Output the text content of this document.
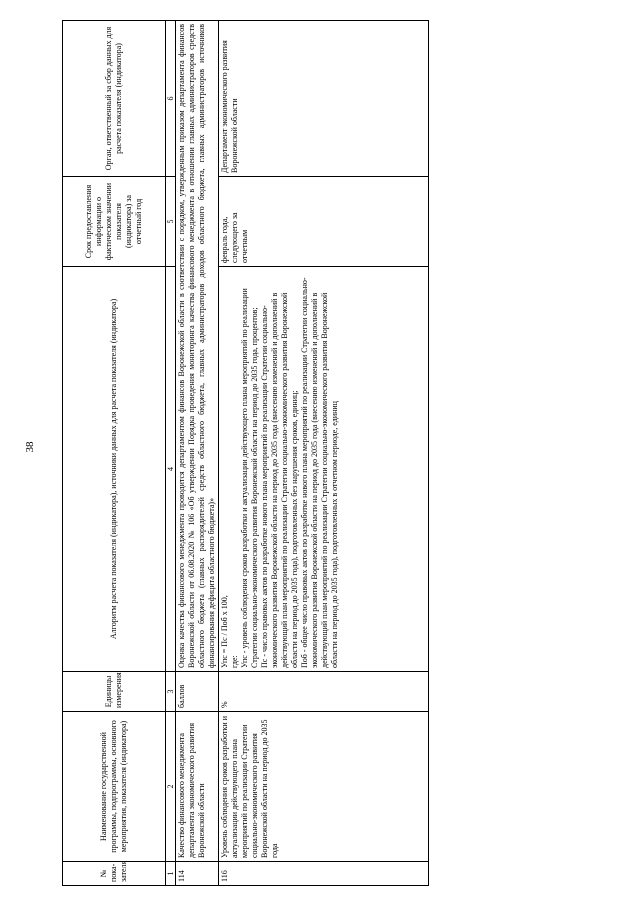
38
№ пока-зателя	Наименование государственной программы, подпрограммы, основного мероприятия, показателя (индикатора)	Единицы измерения	Алгоритм расчета показателя (индикатора), источники данных для расчета показателя (индикатора)	Срок предоставления информации о фактическом значении показателя (индикатора) за отчетный год	Орган, ответственный за сбор данных для расчета показателя (индикатора)
1	2	3	4	5	6
114	Качество финансового менеджмента департамента экономического развития Воронежской области	баллов	Оценка качества финансового менеджмента проводится департаментом финансов Воронежской области в соответствии с порядком, утвержденным приказом департамента финансов Воронежской области от 06.08.2020 № 106 «Об утверждении Порядка проведения мониторинга качества финансового менеджмента в отношении главных администраторов средств областного бюджета (главных распорядителей средств областного бюджета, главных администраторов доходов областного бюджета, главных администраторов источников финансирования дефицита областного бюджета)»		
116	Уровень соблюдения сроков разработки и актуализации действующего плана мероприятий по реализации Стратегии социально-экономического развития Воронежской области на период до 2035 года	%	Упс = Пс / Поб х 100, где: Упс - уровень соблюдения сроков разработки и актуализации действующего плана мероприятий по реализации Стратегии социально-экономического развития Воронежской области на период до 2035 года, процентов; Пс - число правовых актов по разработке нового плана мероприятий по реализации Стратегии социально-экономического развития Воронежской области на период до 2035 года (внесению изменений и дополнений в действующий план мероприятий по реализации Стратегии социально-экономического развития Воронежской области на период до 2035 года), подготовленных без нарушения сроков, единиц; Поб - общее число правовых актов по разработке нового плана мероприятий по реализации Стратегии социально-экономического развития Воронежской области на период до 2035 года (внесению изменений и дополнений в действующий план мероприятий по реализации Стратегии социально-экономического развития Воронежской области на период до 2035 года), подготовленных в отчетном периоде, единиц	февраль года, следующего за отчетным	Департамент экономического развития Воронежской области
